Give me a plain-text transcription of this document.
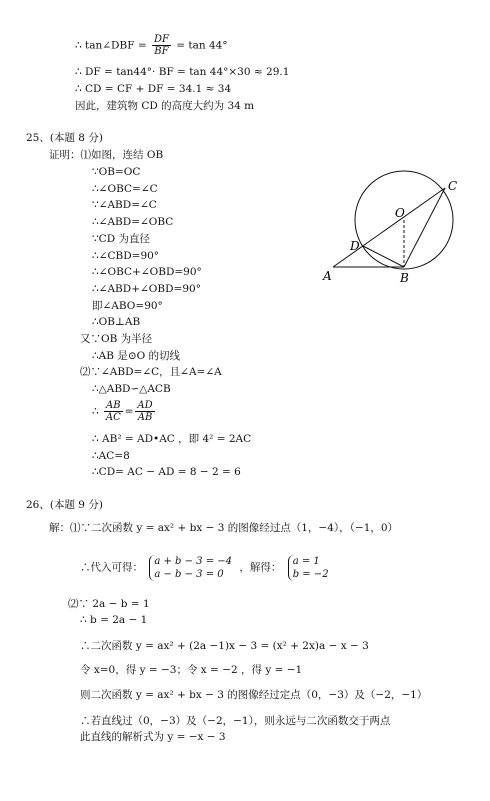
∴ tan∠DBF = $\frac{DF}{BF} = \tan 44^\circ$
∴ DF = tan44°· BF = tan 44°×30 ≈ 29.1
∴ CD = CF + DF = 34.1 ≈ 34
因此，建筑物 CD 的高度大约为 34 m
25、(本题 8 分)
证明：⑴如图，连结 OB
∵OB=OC
∴∠OBC=∠C
∵∠ABD=∠C
∴∠ABD=∠OBC
∵CD 为直径
∴∠CBD=90°
∴∠OBC+∠OBD=90°
∴∠ABD+∠OBD=90°
即∠ABO=90°
∴OB⊥AB
又∵OB 为半径
∴AB 是⊙O 的切线
⑵∵∠ABD=∠C，且∠A=∠A
∴△ABD∽△ACB
∴ $\frac{AB}{AC} = \frac{AD}{AB}$
∴ AB² = AD•AC ，即 4² = 2AC
∴AC=8
∴CD= AC − AD = 8 − 2 = 6
C
O
D
A	B
26、(本题 9 分)
解：⑴∵二次函数 y = ax² + bx − 3 的图像经过点（1，−4），（−1，0）
∴代入可得： a + b − 3 = −4
a − b − 3 = 0
，解得： a = 1
b = −2
⑵∵ 2a − b = 1
∴ b = 2a − 1
∴二次函数 y = ax² + (2a −1)x − 3 = (x² + 2x)a − x − 3
令 x=0，得 y = −3；令 x = −2 ，得 y = −1
则二次函数 y = ax² + bx − 3 的图像经过定点（0，−3）及（−2，−1）
∴若直线过（0，−3）及（−2，−1），则永远与二次函数交于两点
此直线的解析式为 y = −x − 3
